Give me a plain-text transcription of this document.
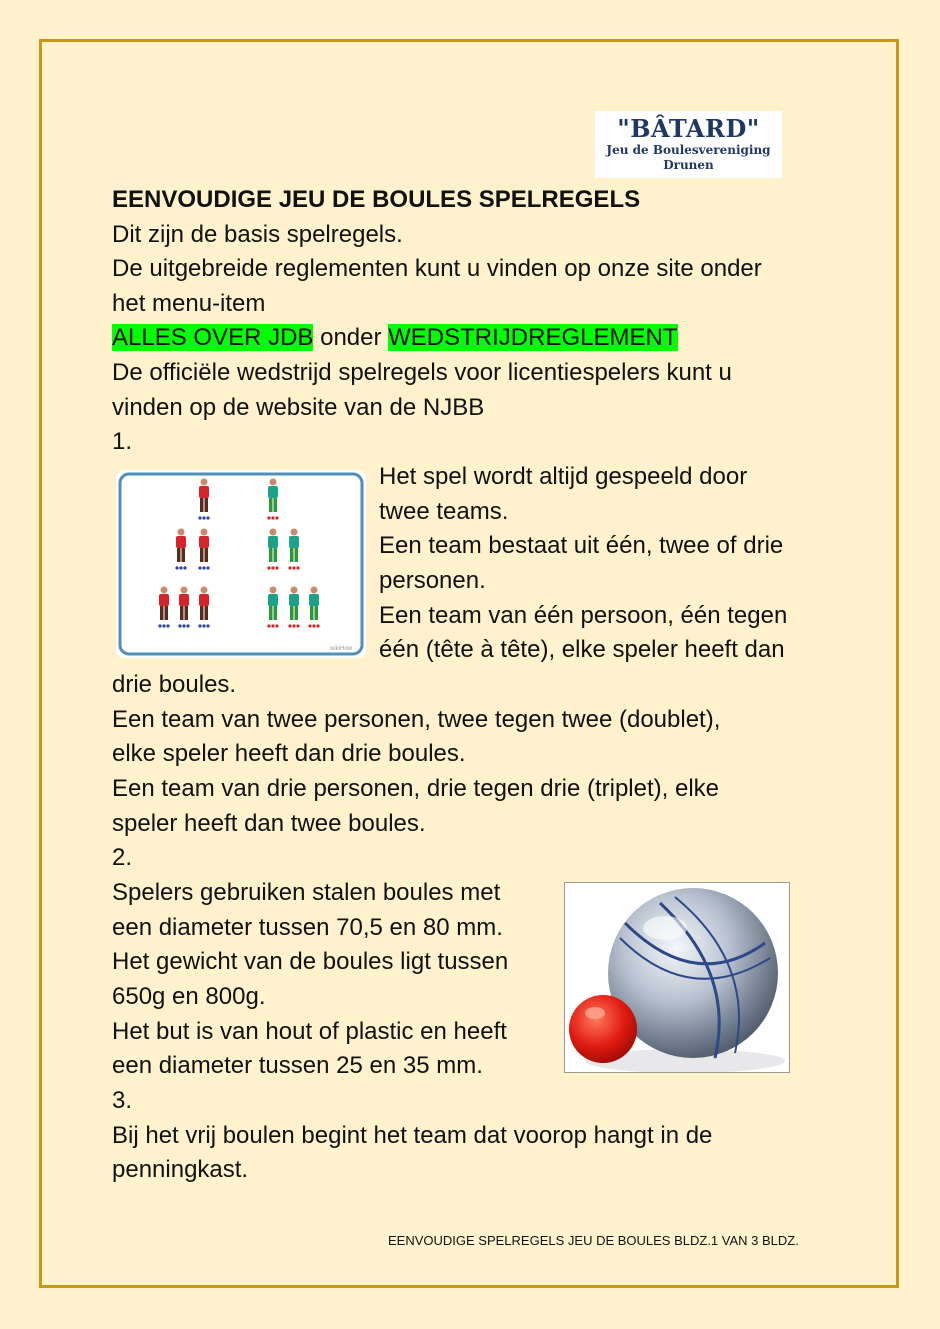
"BÂTARD"
Jeu de Boulesvereniging
Drunen
EENVOUDIGE JEU DE BOULES SPELREGELS
Dit zijn de basis spelregels.
De uitgebreide reglementen kunt u vinden op onze site onder
het menu-item
ALLES OVER JDB onder WEDSTRIJDREGLEMENT
De officiële wedstrijd spelregels voor licentiespelers kunt u
vinden op de website van de NJBB
1.
wikiHow
Het spel wordt altijd gespeeld door
twee teams.
Een team bestaat uit één, twee of drie
personen.
Een team van één persoon, één tegen
één (tête à tête), elke speler heeft dan
drie boules.
Een team van twee personen, twee tegen twee (doublet),
elke speler heeft dan drie boules.
Een team van drie personen, drie tegen drie (triplet), elke
speler heeft dan twee boules.
2.
Spelers gebruiken stalen boules met
een diameter tussen 70,5 en 80 mm.
Het gewicht van de boules ligt tussen
650g en 800g.
Het but is van hout of plastic en heeft
een diameter tussen 25 en 35 mm.
3.
Bij het vrij boulen begint het team dat voorop hangt in de
penningkast.
EENVOUDIGE SPELREGELS JEU DE BOULES BLDZ.1 VAN 3 BLDZ.
